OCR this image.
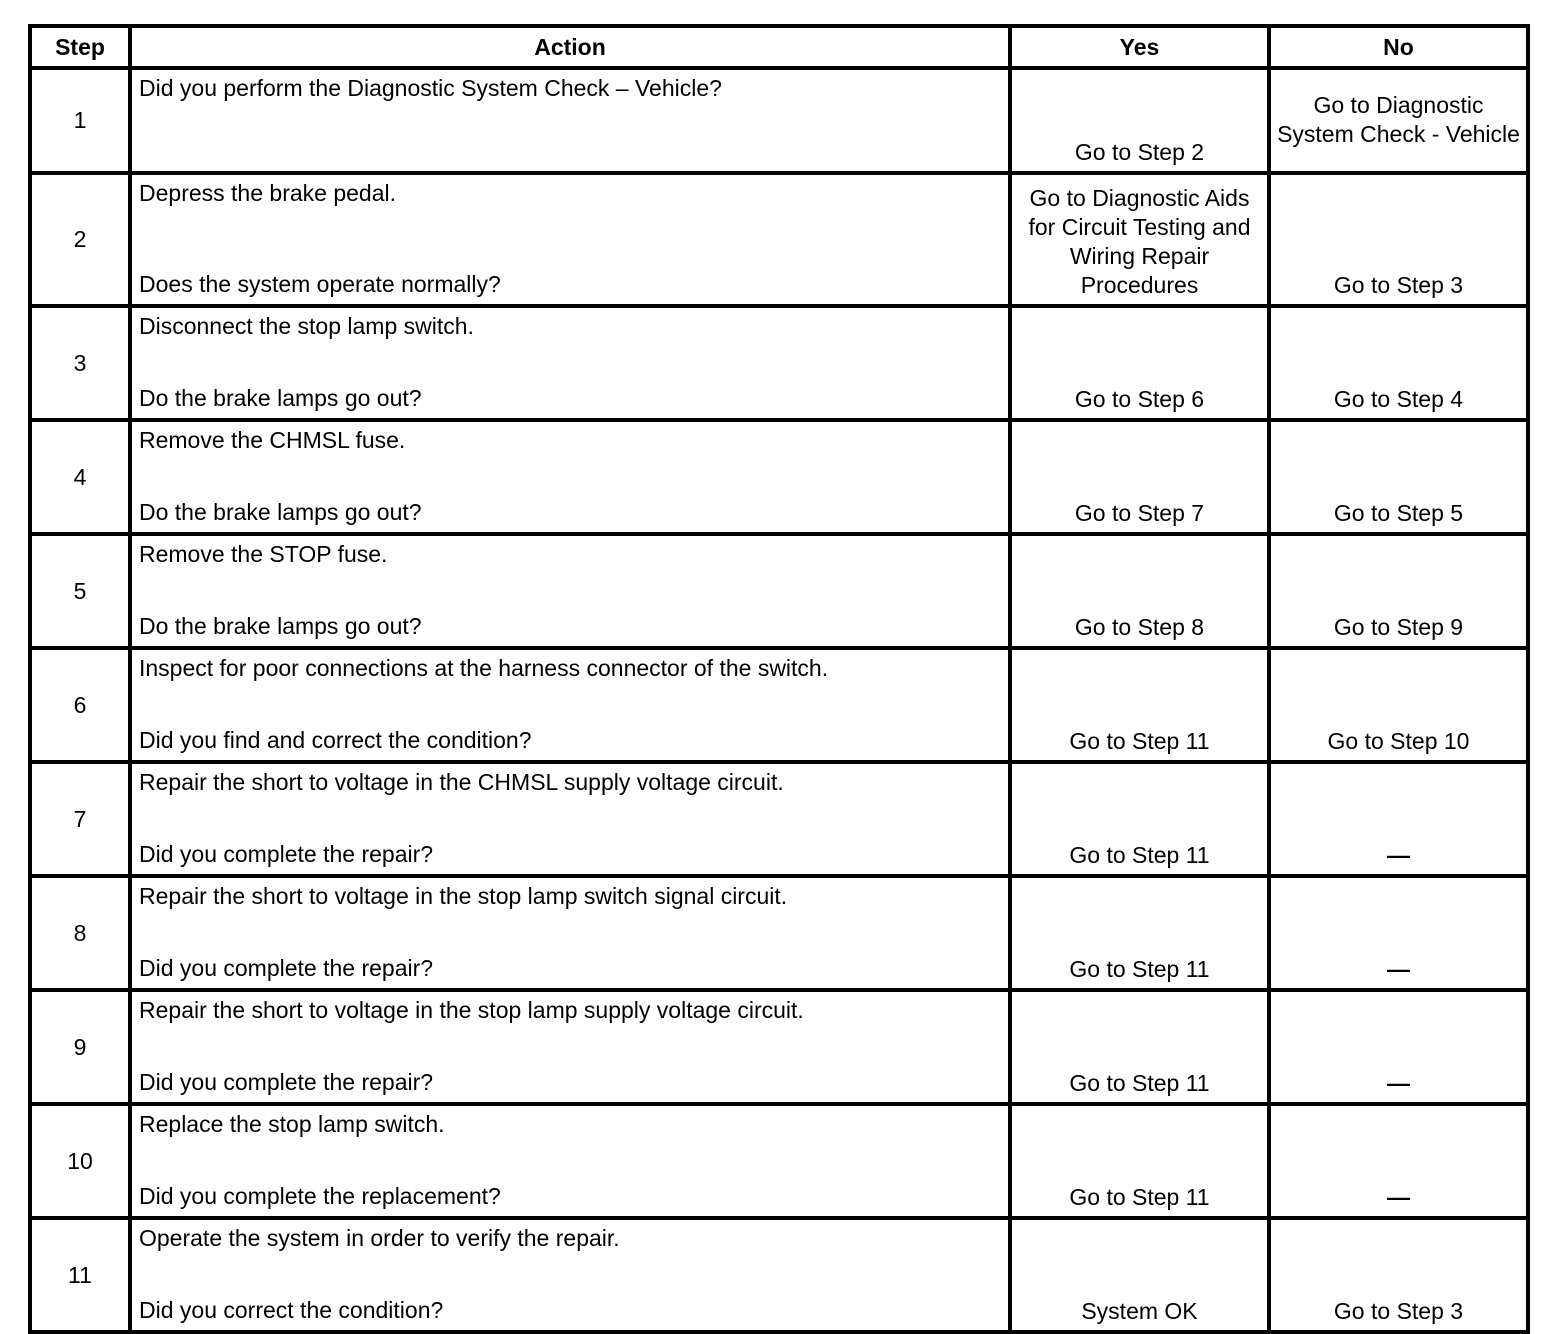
Step	Action	Yes	No
1	Did you perform the Diagnostic System Check – Vehicle?	Go to Step 2	Go to Diagnostic System Check - Vehicle
2	Depress the brake pedal.
Does the system operate normally?	Go to Diagnostic Aids for Circuit Testing and Wiring Repair Procedures	Go to Step 3
3	Disconnect the stop lamp switch.
Do the brake lamps go out?	Go to Step 6	Go to Step 4
4	Remove the CHMSL fuse.
Do the brake lamps go out?	Go to Step 7	Go to Step 5
5	Remove the STOP fuse.
Do the brake lamps go out?	Go to Step 8	Go to Step 9
6	Inspect for poor connections at the harness connector of the switch.
Did you find and correct the condition?	Go to Step 11	Go to Step 10
7	Repair the short to voltage in the CHMSL supply voltage circuit.
Did you complete the repair?	Go to Step 11	—
8	Repair the short to voltage in the stop lamp switch signal circuit.
Did you complete the repair?	Go to Step 11	—
9	Repair the short to voltage in the stop lamp supply voltage circuit.
Did you complete the repair?	Go to Step 11	—
10	Replace the stop lamp switch.
Did you complete the replacement?	Go to Step 11	—
11	Operate the system in order to verify the repair.
Did you correct the condition?	System OK	Go to Step 3
